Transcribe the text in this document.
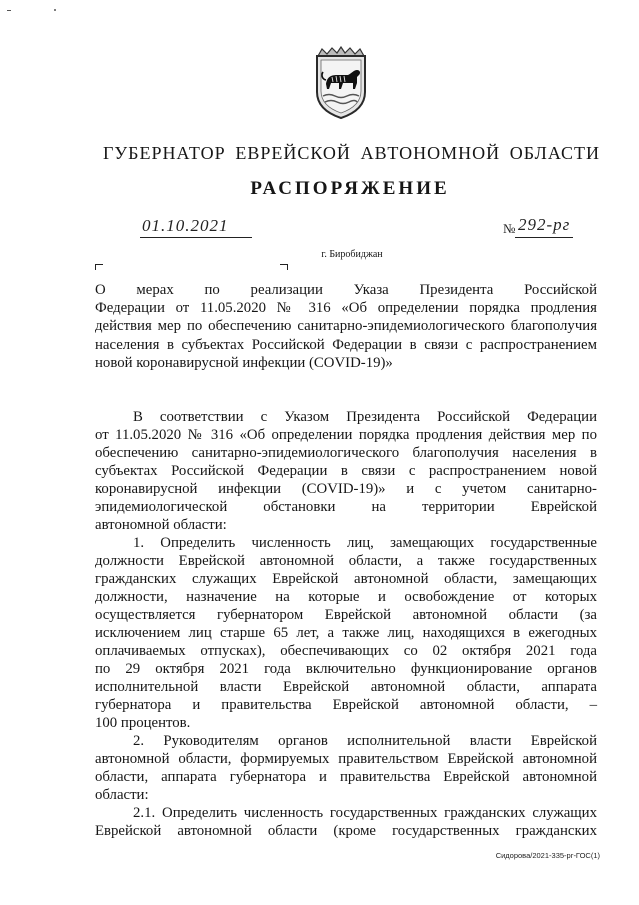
ГУБЕРНАТОР ЕВРЕЙСКОЙ АВТОНОМНОЙ ОБЛАСТИ
РАСПОРЯЖЕНИЕ
01.10.2021	№ 292-рг
г. Биробиджан
О мерах по реализации Указа Президента Российской
Федерации от 11.05.2020 № 316 «Об определении порядка продления
действия мер по обеспечению санитарно-эпидемиологического благополучия
населения в субъектах Российской Федерации в связи с распространением
новой коронавирусной инфекции (COVID-19)»
В соответствии с Указом Президента Российской Федерации
от 11.05.2020 № 316 «Об определении порядка продления действия мер по
обеспечению санитарно-эпидемиологического благополучия населения в
субъектах Российской Федерации в связи с распространением новой
коронавирусной инфекции (COVID-19)» и с учетом санитарно-
эпидемиологической обстановки на территории Еврейской
автономной области:
1. Определить численность лиц, замещающих государственные
должности Еврейской автономной области, а также государственных
гражданских служащих Еврейской автономной области, замещающих
должности, назначение на которые и освобождение от которых
осуществляется губернатором Еврейской автономной области (за
исключением лиц старше 65 лет, а также лиц, находящихся в ежегодных
оплачиваемых отпусках), обеспечивающих со 02 октября 2021 года
по 29 октября 2021 года включительно функционирование органов
исполнительной власти Еврейской автономной области, аппарата
губернатора и правительства Еврейской автономной области, –
100 процентов.
2. Руководителям органов исполнительной власти Еврейской
автономной области, формируемых правительством Еврейской автономной
области, аппарата губернатора и правительства Еврейской автономной
области:
2.1. Определить численность государственных гражданских служащих
Еврейской автономной области (кроме государственных гражданских
Сидорова/2021-335-рг-ГОС(1)
